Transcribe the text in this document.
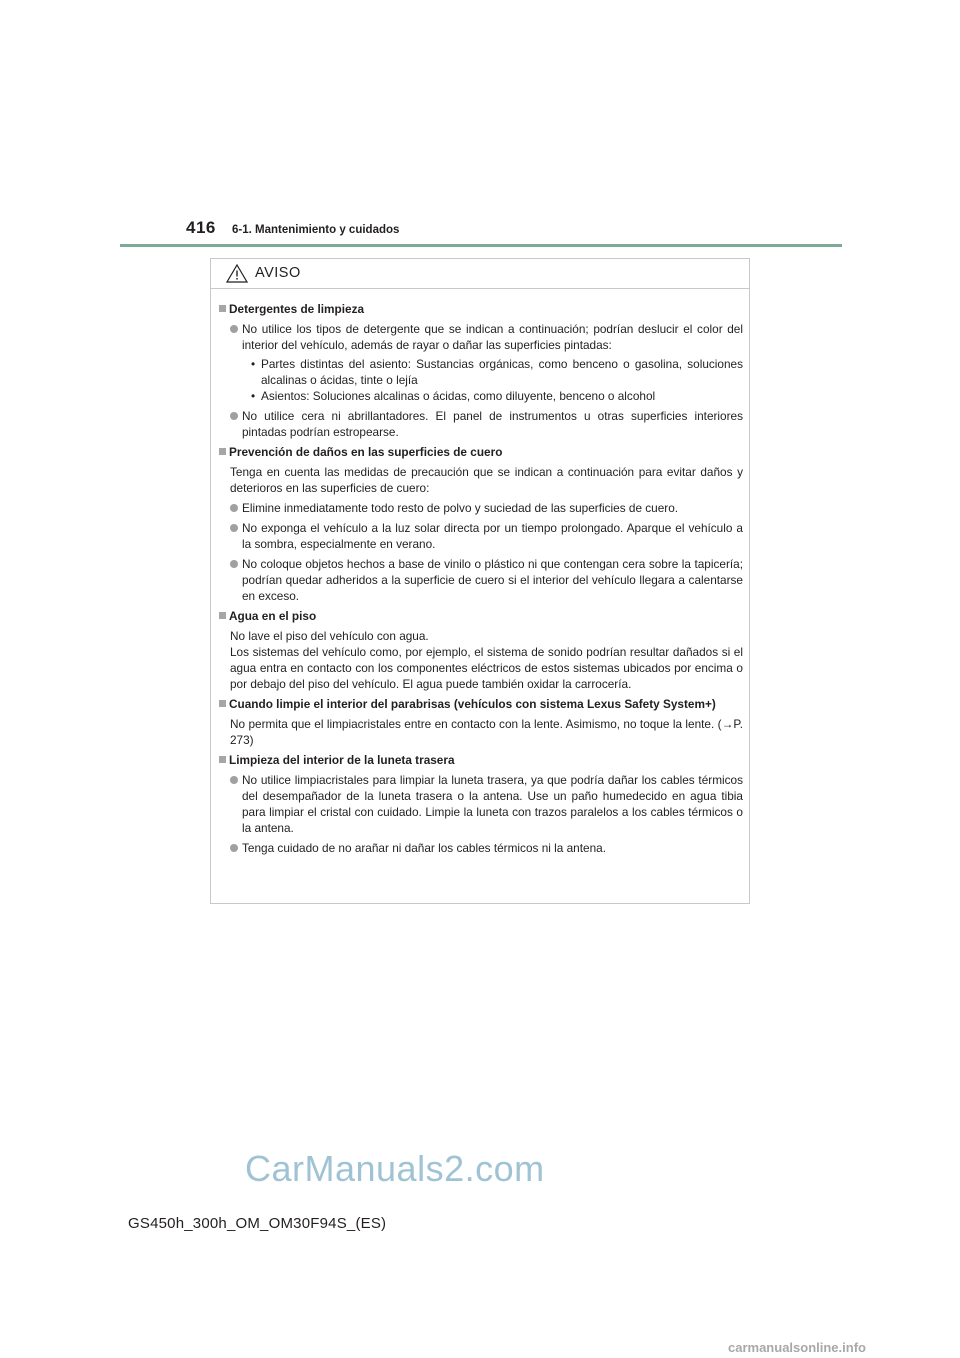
416 6-1. Mantenimiento y cuidados
AVISO
Detergentes de limpieza
No utilice los tipos de detergente que se indican a continuación; podrían deslucir el color del interior del vehículo, además de rayar o dañar las superficies pintadas:
• Partes distintas del asiento: Sustancias orgánicas, como benceno o gasolina, soluciones alcalinas o ácidas, tinte o lejía
• Asientos: Soluciones alcalinas o ácidas, como diluyente, benceno o alcohol
No utilice cera ni abrillantadores. El panel de instrumentos u otras superficies interiores pintadas podrían estropearse.
Prevención de daños en las superficies de cuero
Tenga en cuenta las medidas de precaución que se indican a continuación para evitar daños y deterioros en las superficies de cuero:
Elimine inmediatamente todo resto de polvo y suciedad de las superficies de cuero.
No exponga el vehículo a la luz solar directa por un tiempo prolongado. Aparque el vehículo a la sombra, especialmente en verano.
No coloque objetos hechos a base de vinilo o plástico ni que contengan cera sobre la tapicería; podrían quedar adheridos a la superficie de cuero si el interior del vehículo llegara a calentarse en exceso.
Agua en el piso
No lave el piso del vehículo con agua.
Los sistemas del vehículo como, por ejemplo, el sistema de sonido podrían resultar dañados si el agua entra en contacto con los componentes eléctricos de estos sistemas ubicados por encima o por debajo del piso del vehículo. El agua puede también oxidar la carrocería.
Cuando limpie el interior del parabrisas (vehículos con sistema Lexus Safety System+)
No permita que el limpiacristales entre en contacto con la lente. Asimismo, no toque la lente. (→P. 273)
Limpieza del interior de la luneta trasera
No utilice limpiacristales para limpiar la luneta trasera, ya que podría dañar los cables térmicos del desempañador de la luneta trasera o la antena. Use un paño humedecido en agua tibia para limpiar el cristal con cuidado. Limpie la luneta con trazos paralelos a los cables térmicos o la antena.
Tenga cuidado de no arañar ni dañar los cables térmicos ni la antena.
CarManuals2.com
GS450h_300h_OM_OM30F94S_(ES)
carmanualsonline.info
